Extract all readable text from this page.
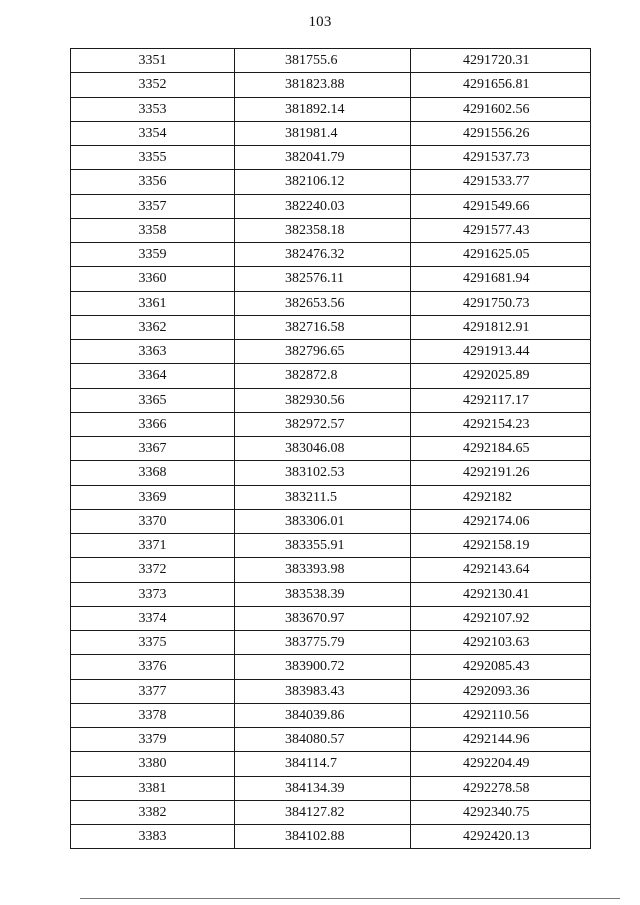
103
3351	381755.6	4291720.31
3352	381823.88	4291656.81
3353	381892.14	4291602.56
3354	381981.4	4291556.26
3355	382041.79	4291537.73
3356	382106.12	4291533.77
3357	382240.03	4291549.66
3358	382358.18	4291577.43
3359	382476.32	4291625.05
3360	382576.11	4291681.94
3361	382653.56	4291750.73
3362	382716.58	4291812.91
3363	382796.65	4291913.44
3364	382872.8	4292025.89
3365	382930.56	4292117.17
3366	382972.57	4292154.23
3367	383046.08	4292184.65
3368	383102.53	4292191.26
3369	383211.5	4292182
3370	383306.01	4292174.06
3371	383355.91	4292158.19
3372	383393.98	4292143.64
3373	383538.39	4292130.41
3374	383670.97	4292107.92
3375	383775.79	4292103.63
3376	383900.72	4292085.43
3377	383983.43	4292093.36
3378	384039.86	4292110.56
3379	384080.57	4292144.96
3380	384114.7	4292204.49
3381	384134.39	4292278.58
3382	384127.82	4292340.75
3383	384102.88	4292420.13
